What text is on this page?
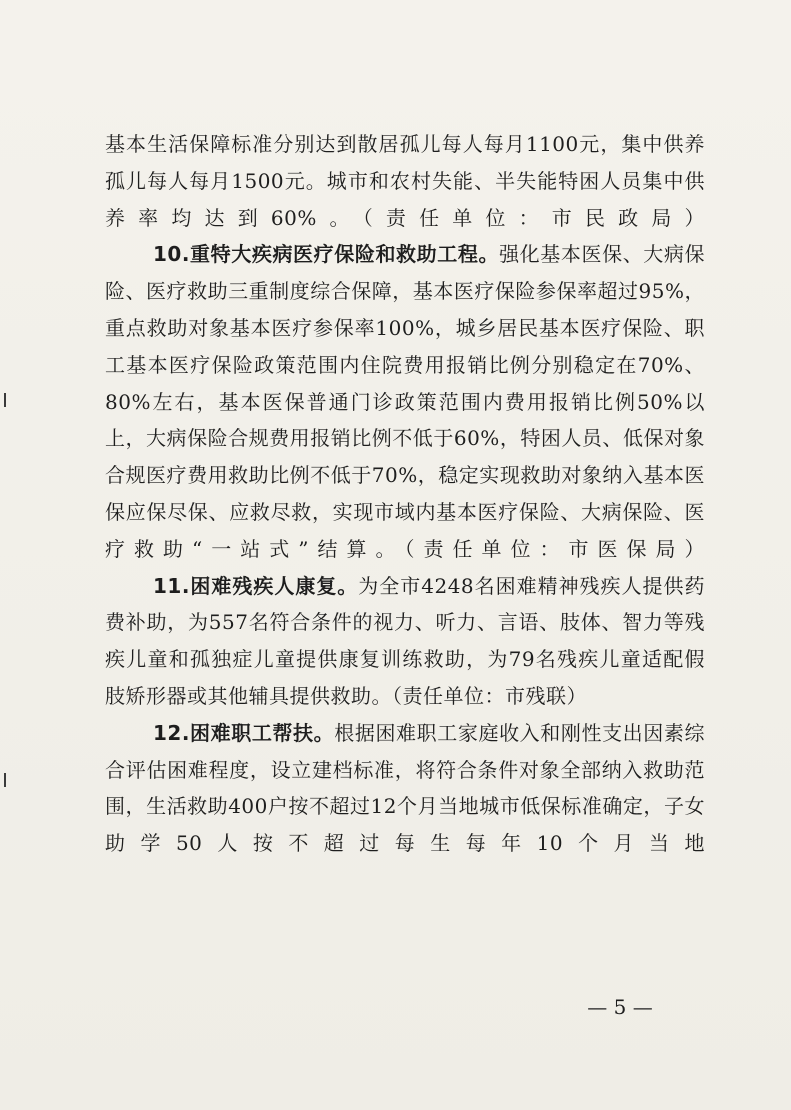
基本生活保障标准分别达到散居孤儿每人每月1100元，集中供养孤儿每人每月1500元。城市和农村失能、半失能特困人员集中供养率均达到60%。（责任单位：市民政局）

10.重特大疾病医疗保险和救助工程。强化基本医保、大病保险、医疗救助三重制度综合保障，基本医疗保险参保率超过95%，重点救助对象基本医疗参保率100%，城乡居民基本医疗保险、职工基本医疗保险政策范围内住院费用报销比例分别稳定在70%、80%左右，基本医保普通门诊政策范围内费用报销比例50%以上，大病保险合规费用报销比例不低于60%，特困人员、低保对象合规医疗费用救助比例不低于70%，稳定实现救助对象纳入基本医保应保尽保、应救尽救，实现市域内基本医疗保险、大病保险、医疗救助“一站式”结算。（责任单位：市医保局）

11.困难残疾人康复。为全市4248名困难精神残疾人提供药费补助，为557名符合条件的视力、听力、言语、肢体、智力等残疾儿童和孤独症儿童提供康复训练救助，为79名残疾儿童适配假肢矫形器或其他辅具提供救助。（责任单位：市残联）

12.困难职工帮扶。根据困难职工家庭收入和刚性支出因素综合评估困难程度，设立建档标准，将符合条件对象全部纳入救助范围，生活救助400户按不超过12个月当地城市低保标准确定，子女助学50人按不超过每生每年10个月当地

— 5 —
